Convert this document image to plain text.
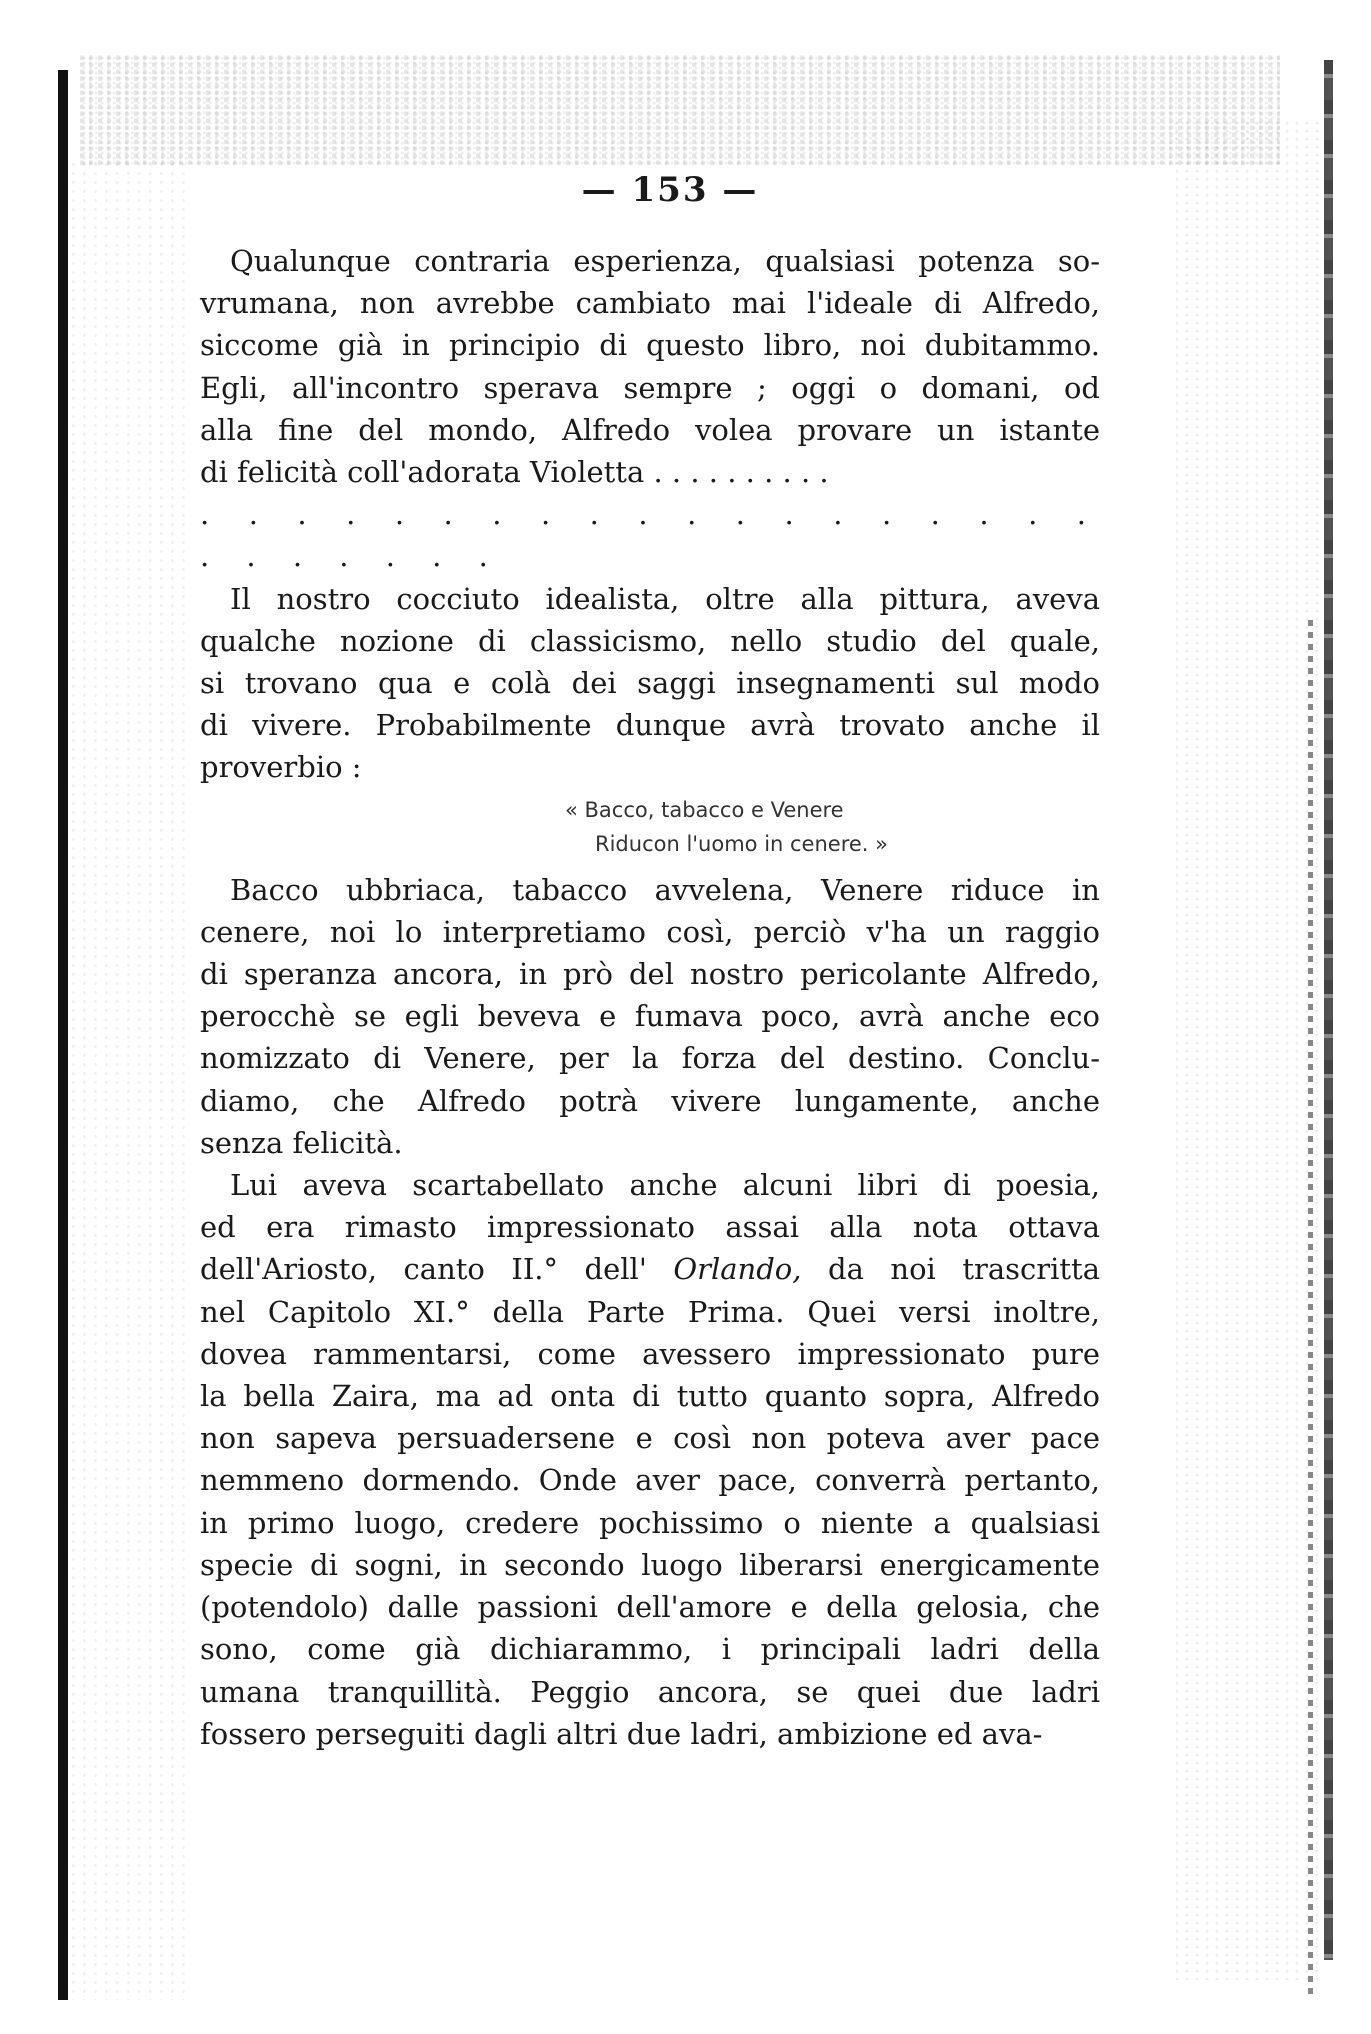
— 153 —

Qualunque contraria esperienza, qualsiasi potenza so-
vrumana, non avrebbe cambiato mai l'ideale di Alfredo,
siccome già in principio di questo libro, noi dubitammo.
Egli, all'incontro sperava sempre ; oggi o domani, od
alla fine del mondo, Alfredo volea provare un istante
di felicità coll'adorata Violetta . . . . . . . . . .

. . . . . . . . . . . . . . . . . . . . . . . . . .

Il nostro cocciuto idealista, oltre alla pittura, aveva
qualche nozione di classicismo, nello studio del quale,
si trovano qua e colà dei saggi insegnamenti sul modo
di vivere. Probabilmente dunque avrà trovato anche il
proverbio :

« Bacco, tabacco e Venere
Riducon l'uomo in cenere. »

Bacco ubbriaca, tabacco avvelena, Venere riduce in
cenere, noi lo interpretiamo così, perciò v'ha un raggio
di speranza ancora, in prò del nostro pericolante Alfredo,
perocchè se egli beveva e fumava poco, avrà anche eco
nomizzato di Venere, per la forza del destino. Conclu-
diamo, che Alfredo potrà vivere lungamente, anche
senza felicità.

Lui aveva scartabellato anche alcuni libri di poesia,
ed era rimasto impressionato assai alla nota ottava
dell'Ariosto, canto II.° dell' Orlando, da noi trascritta
nel Capitolo XI.° della Parte Prima. Quei versi inoltre,
dovea rammentarsi, come avessero impressionato pure
la bella Zaira, ma ad onta di tutto quanto sopra, Alfredo
non sapeva persuadersene e così non poteva aver pace
nemmeno dormendo. Onde aver pace, converrà pertanto,
in primo luogo, credere pochissimo o niente a qualsiasi
specie di sogni, in secondo luogo liberarsi energicamente
(potendolo) dalle passioni dell'amore e della gelosia, che
sono, come già dichiarammo, i principali ladri della
umana tranquillità. Peggio ancora, se quei due ladri
fossero perseguiti dagli altri due ladri, ambizione ed ava-
